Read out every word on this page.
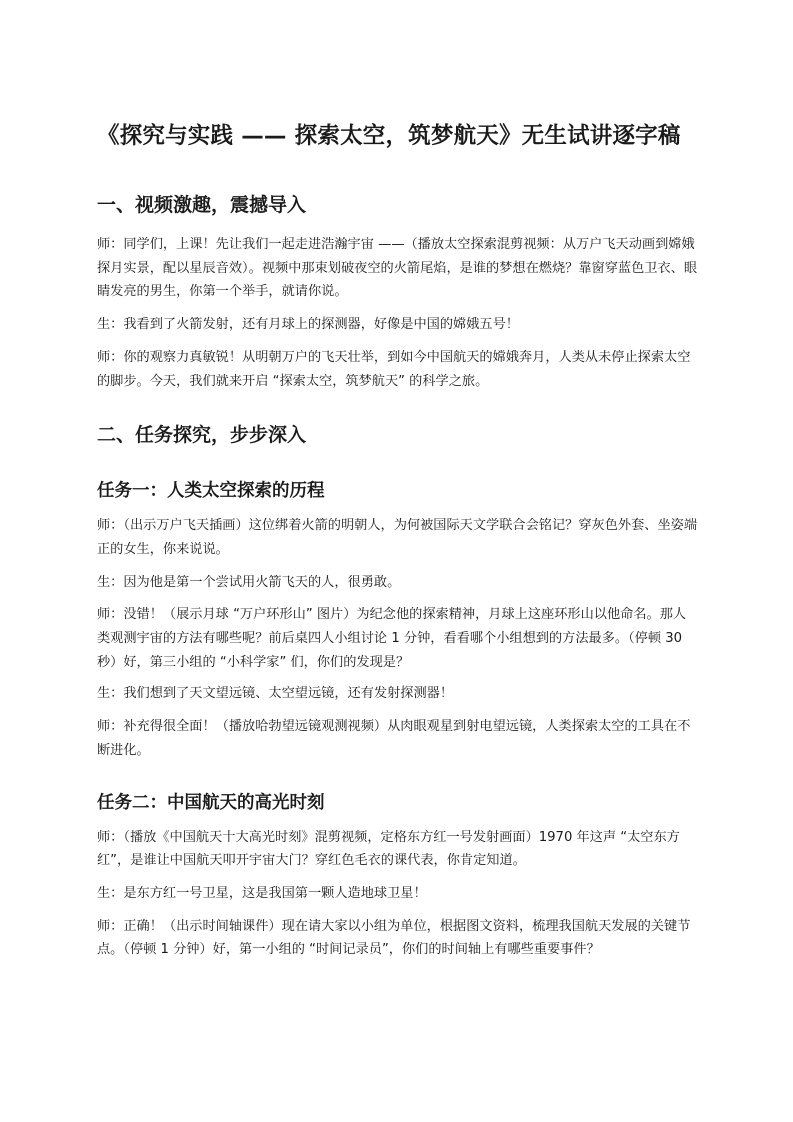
《探究与实践 —— 探索太空，筑梦航天》无生试讲逐字稿
一、视频激趣，震撼导入

师：同学们，上课！先让我们一起走进浩瀚宇宙 ——（播放太空探索混剪视频：从万户飞天动画到嫦娥探月实景，配以星辰音效）。视频中那束划破夜空的火箭尾焰，是谁的梦想在燃烧？靠窗穿蓝色卫衣、眼睛发亮的男生，你第一个举手，就请你说。

生：我看到了火箭发射，还有月球上的探测器，好像是中国的嫦娥五号！

师：你的观察力真敏锐！从明朝万户的飞天壮举，到如今中国航天的嫦娥奔月，人类从未停止探索太空的脚步。今天，我们就来开启 “探索太空，筑梦航天” 的科学之旅。

二、任务探究，步步深入
任务一：人类太空探索的历程

师：（出示万户飞天插画）这位绑着火箭的明朝人，为何被国际天文学联合会铭记？穿灰色外套、坐姿端正的女生，你来说说。

生：因为他是第一个尝试用火箭飞天的人，很勇敢。

师：没错！（展示月球 “万户环形山” 图片）为纪念他的探索精神，月球上这座环形山以他命名。那人类观测宇宙的方法有哪些呢？前后桌四人小组讨论 1 分钟，看看哪个小组想到的方法最多。（停顿 30 秒）好，第三小组的 “小科学家” 们，你们的发现是？

生：我们想到了天文望远镜、太空望远镜，还有发射探测器！

师：补充得很全面！（播放哈勃望远镜观测视频）从肉眼观星到射电望远镜，人类探索太空的工具在不断进化。

任务二：中国航天的高光时刻

师：（播放《中国航天十大高光时刻》混剪视频，定格东方红一号发射画面）1970 年这声 “太空东方红”，是谁让中国航天叩开宇宙大门？穿红色毛衣的课代表，你肯定知道。

生：是东方红一号卫星，这是我国第一颗人造地球卫星！

师：正确！（出示时间轴课件）现在请大家以小组为单位，根据图文资料，梳理我国航天发展的关键节点。（停顿 1 分钟）好，第一小组的 “时间记录员”，你们的时间轴上有哪些重要事件？
